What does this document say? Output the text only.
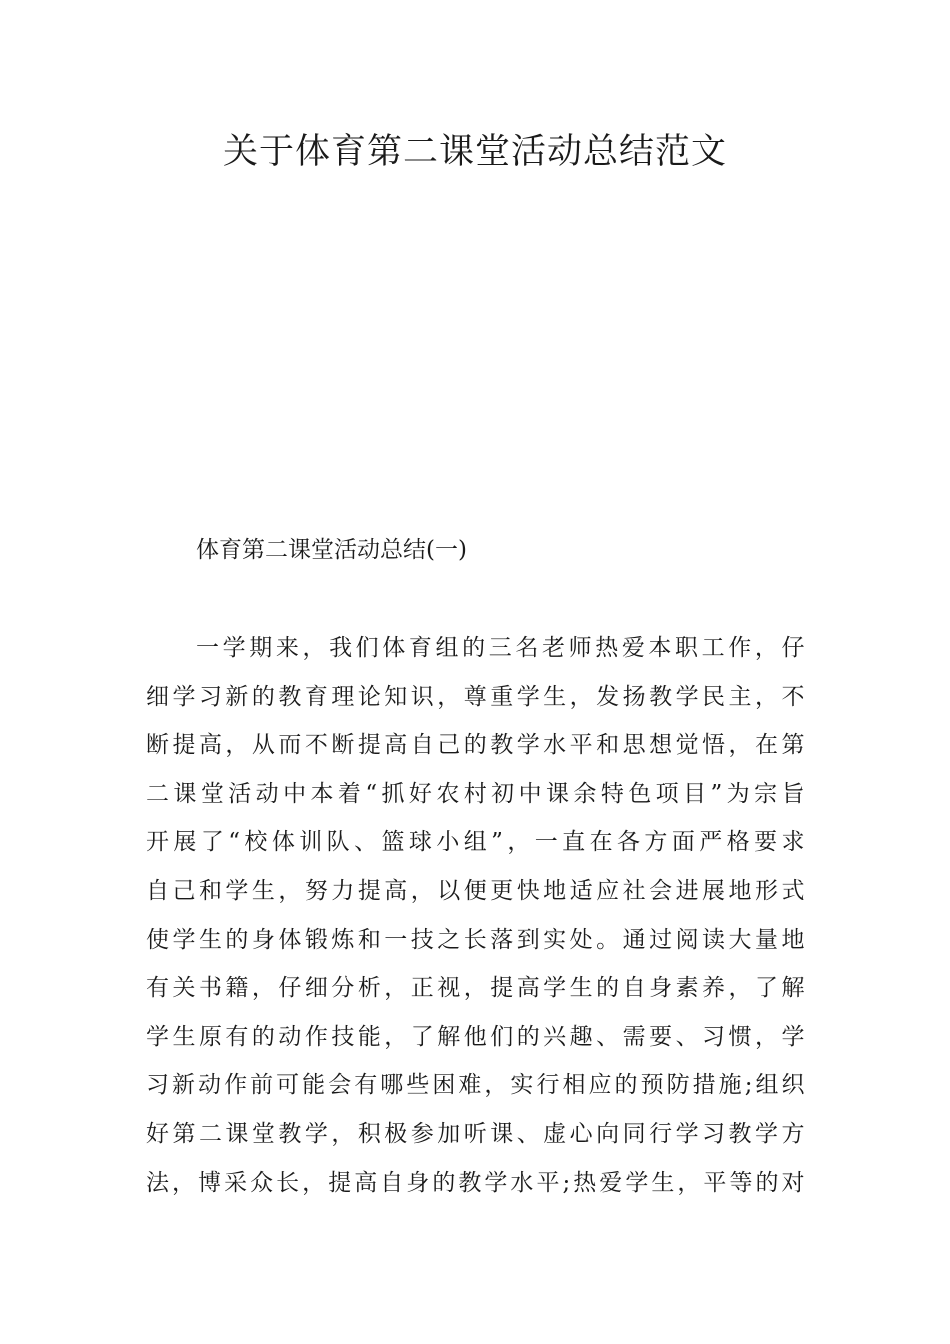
关于体育第二课堂活动总结范文
体育第二课堂活动总结(一)
一学期来，我们体育组的三名老师热爱本职工作，仔
细学习新的教育理论知识，尊重学生，发扬教学民主，不
断提高，从而不断提高自己的教学水平和思想觉悟，在第
二课堂活动中本着“抓好农村初中课余特色项目”为宗旨
开展了“校体训队、篮球小组”，一直在各方面严格要求
自己和学生，努力提高，以便更快地适应社会进展地形式
使学生的身体锻炼和一技之长落到实处。通过阅读大量地
有关书籍，仔细分析，正视，提高学生的自身素养，了解
学生原有的动作技能，了解他们的兴趣、需要、习惯，学
习新动作前可能会有哪些困难，实行相应的预防措施;组织
好第二课堂教学，积极参加听课、虚心向同行学习教学方
法，博采众长，提高自身的教学水平;热爱学生，平等的对
